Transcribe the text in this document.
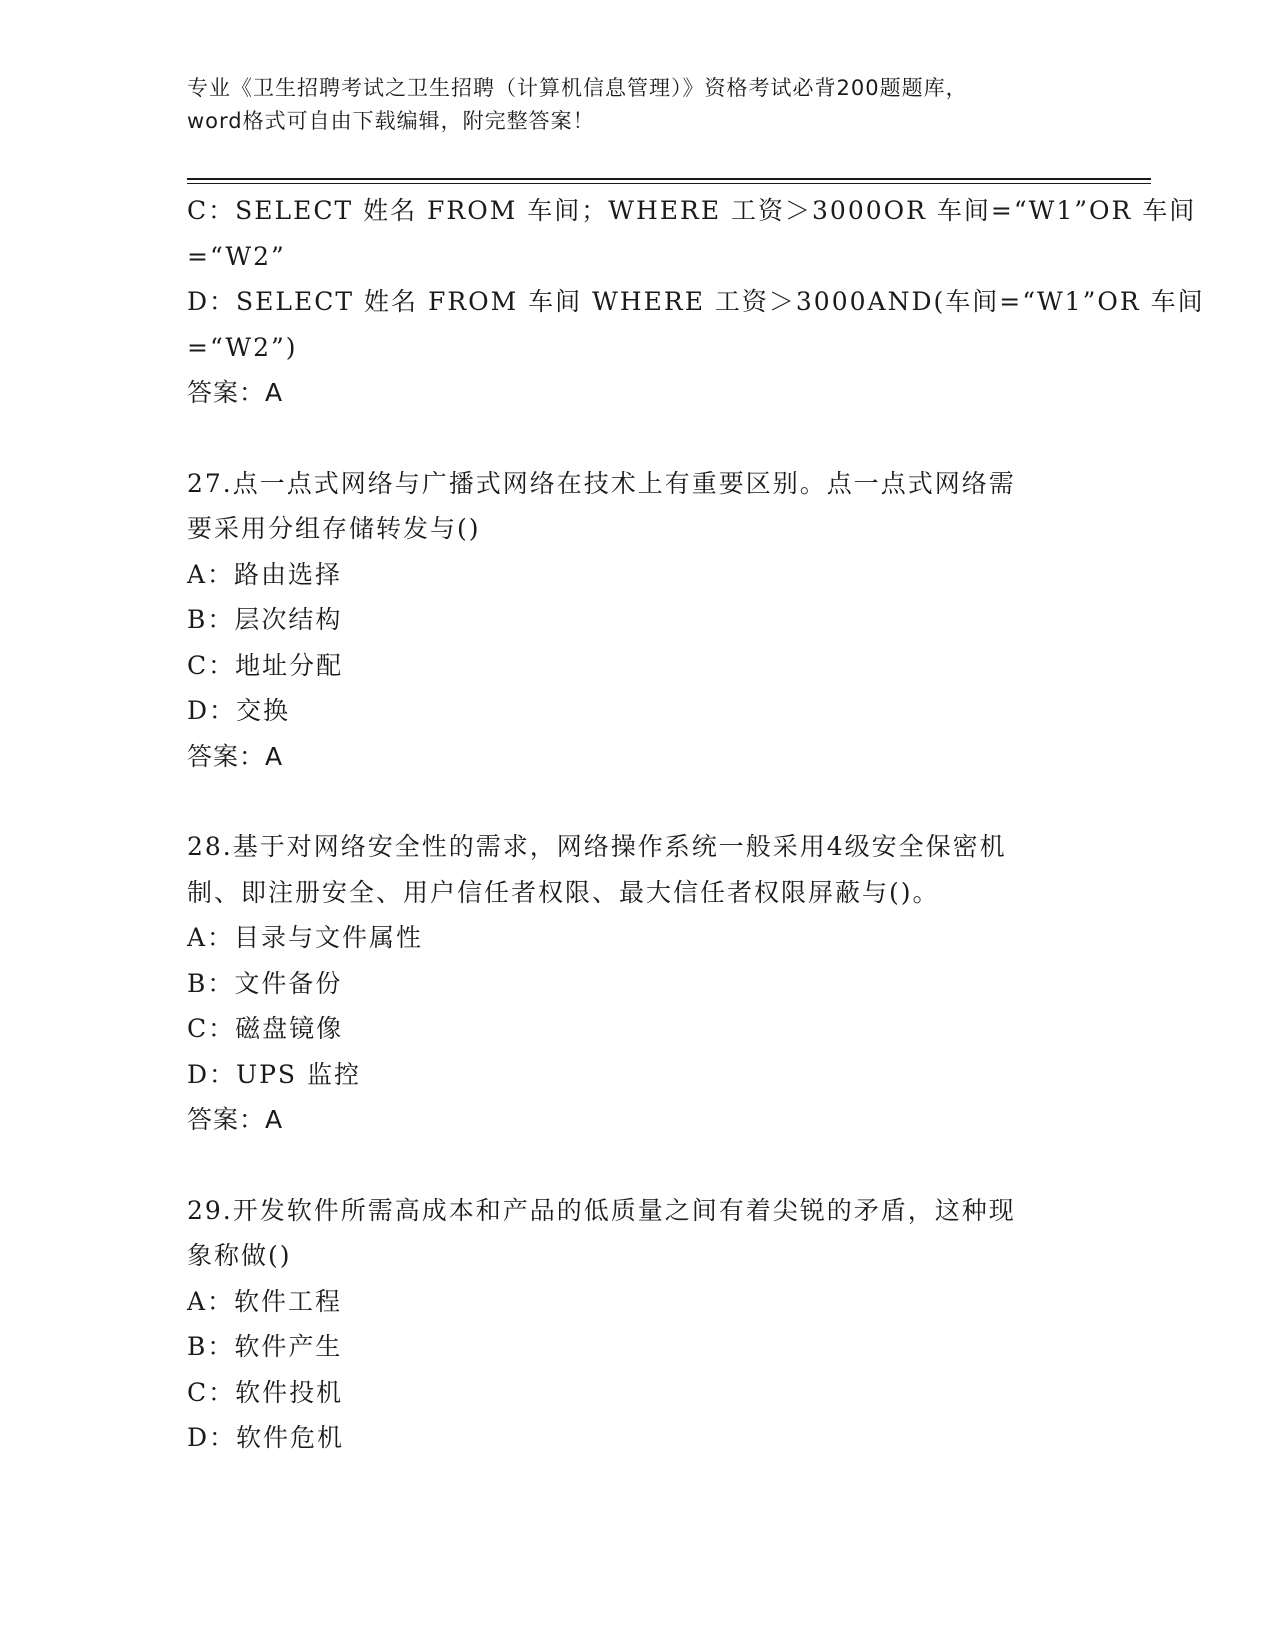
专业《卫生招聘考试之卫生招聘（计算机信息管理）》资格考试必背200题题库，
word格式可自由下载编辑，附完整答案！
C：SELECT 姓名 FROM 车间；WHERE 工资＞3000OR 车间=“W1”OR 车间
=“W2”
D：SELECT 姓名 FROM 车间 WHERE 工资＞3000AND(车间=“W1”OR 车间
=“W2”)
答案：A
27.点一点式网络与广播式网络在技术上有重要区别。点一点式网络需
要采用分组存储转发与()
A：路由选择
B：层次结构
C：地址分配
D：交换
答案：A
28.基于对网络安全性的需求，网络操作系统一般采用4级安全保密机
制、即注册安全、用户信任者权限、最大信任者权限屏蔽与()。
A：目录与文件属性
B：文件备份
C：磁盘镜像
D：UPS 监控
答案：A
29.开发软件所需高成本和产品的低质量之间有着尖锐的矛盾，这种现
象称做()
A：软件工程
B：软件产生
C：软件投机
D：软件危机
